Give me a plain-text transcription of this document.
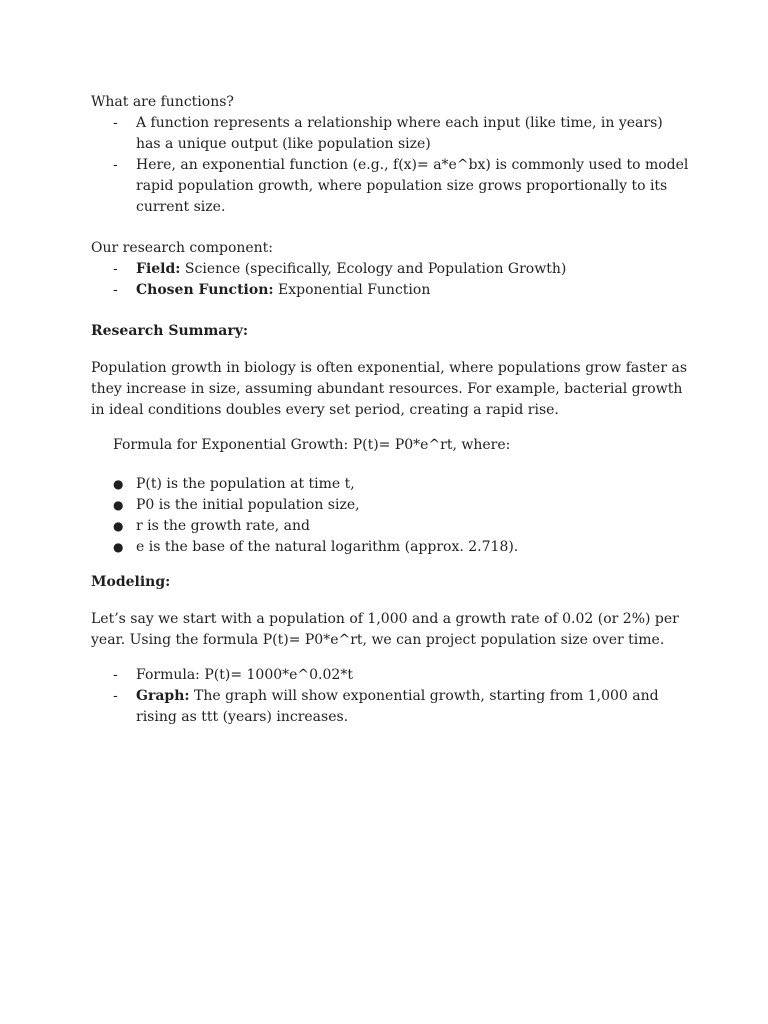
What are functions?

- A function represents a relationship where each input (like time, in years) has a unique output (like population size)
- Here, an exponential function (e.g., f(x)= a*e^bx) is commonly used to model rapid population growth, where population size grows proportionally to its current size.

Our research component:

- Field: Science (specifically, Ecology and Population Growth)
- Chosen Function: Exponential Function

Research Summary:

Population growth in biology is often exponential, where populations grow faster as they increase in size, assuming abundant resources. For example, bacterial growth in ideal conditions doubles every set period, creating a rapid rise.

Formula for Exponential Growth: P(t)= P0*e^rt, where:

● P(t) is the population at time t,
● P0 is the initial population size,
● r is the growth rate, and
● e is the base of the natural logarithm (approx. 2.718).

Modeling:

Let’s say we start with a population of 1,000 and a growth rate of 0.02 (or 2%) per year. Using the formula P(t)= P0*e^rt, we can project population size over time.

- Formula: P(t)= 1000*e^0.02*t
- Graph: The graph will show exponential growth, starting from 1,000 and rising as ttt (years) increases.
